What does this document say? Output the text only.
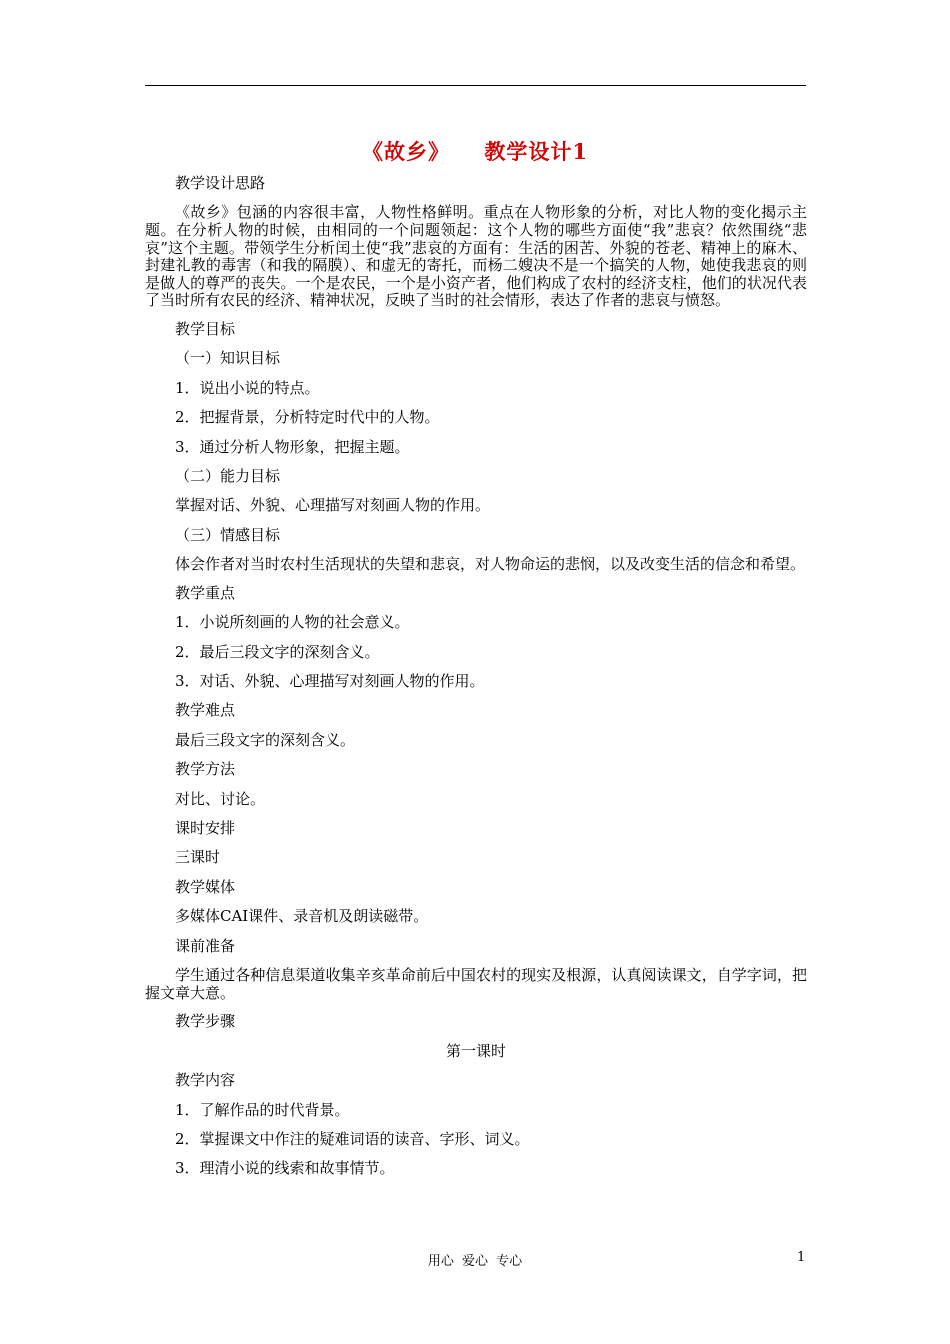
《故乡》 教学设计1

教学设计思路

《故乡》包涵的内容很丰富，人物性格鲜明。重点在人物形象的分析，对比人物的变化揭示主题。在分析人物的时候，由相同的一个问题领起：这个人物的哪些方面使“我”悲哀？依然围绕“悲哀”这个主题。带领学生分析闰土使“我”悲哀的方面有：生活的困苦、外貌的苍老、精神上的麻木、封建礼教的毒害（和我的隔膜）、和虚无的寄托，而杨二嫂决不是一个搞笑的人物，她使我悲哀的则是做人的尊严的丧失。一个是农民，一个是小资产者，他们构成了农村的经济支柱，他们的状况代表了当时所有农民的经济、精神状况，反映了当时的社会情形，表达了作者的悲哀与愤怒。

教学目标

（一）知识目标

1．说出小说的特点。

2．把握背景，分析特定时代中的人物。

3．通过分析人物形象，把握主题。

（二）能力目标

掌握对话、外貌、心理描写对刻画人物的作用。

（三）情感目标

体会作者对当时农村生活现状的失望和悲哀，对人物命运的悲悯，以及改变生活的信念和希望。

教学重点

1．小说所刻画的人物的社会意义。

2．最后三段文字的深刻含义。

3．对话、外貌、心理描写对刻画人物的作用。

教学难点

最后三段文字的深刻含义。

教学方法

对比、讨论。

课时安排

三课时

教学媒体

多媒体CAI课件、录音机及朗读磁带。

课前准备

学生通过各种信息渠道收集辛亥革命前后中国农村的现实及根源，认真阅读课文，自学字词，把握文章大意。

教学步骤

第一课时

教学内容

1．了解作品的时代背景。

2．掌握课文中作注的疑难词语的读音、字形、词义。

3．理清小说的线索和故事情节。

用心 爱心 专心	1
